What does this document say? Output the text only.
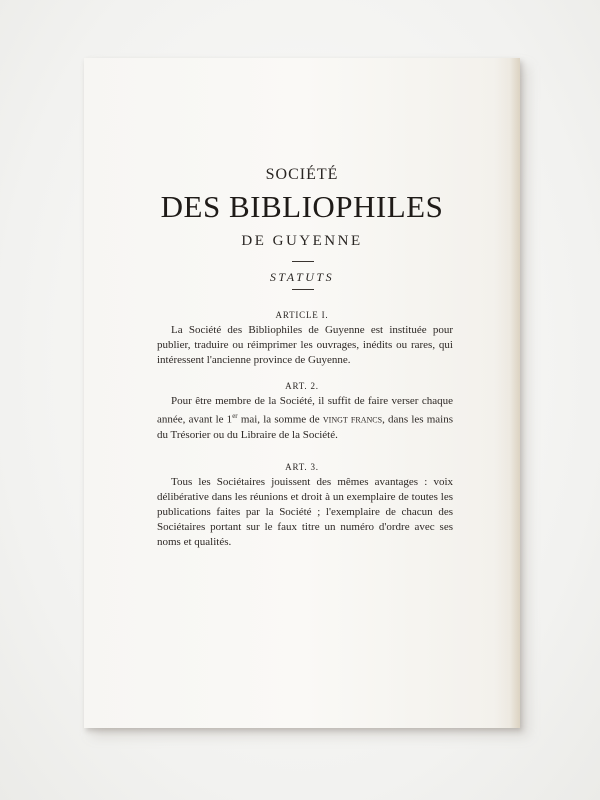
SOCIÉTÉ
DES BIBLIOPHILES
DE GUYENNE
STATUTS
ARTICLE I.

La Société des Bibliophiles de Guyenne est instituée pour publier, traduire ou réimprimer les ouvrages, inédits ou rares, qui intéressent l'ancienne province de Guyenne.

ART. 2.

Pour être membre de la Société, il suffit de faire verser chaque année, avant le 1er mai, la somme de vingt francs, dans les mains du Trésorier ou du Libraire de la Société.

ART. 3.

Tous les Sociétaires jouissent des mêmes avantages : voix délibérative dans les réunions et droit à un exemplaire de toutes les publications faites par la Société ; l'exemplaire de chacun des Sociétaires portant sur le faux titre un numéro d'ordre avec ses noms et qualités.
